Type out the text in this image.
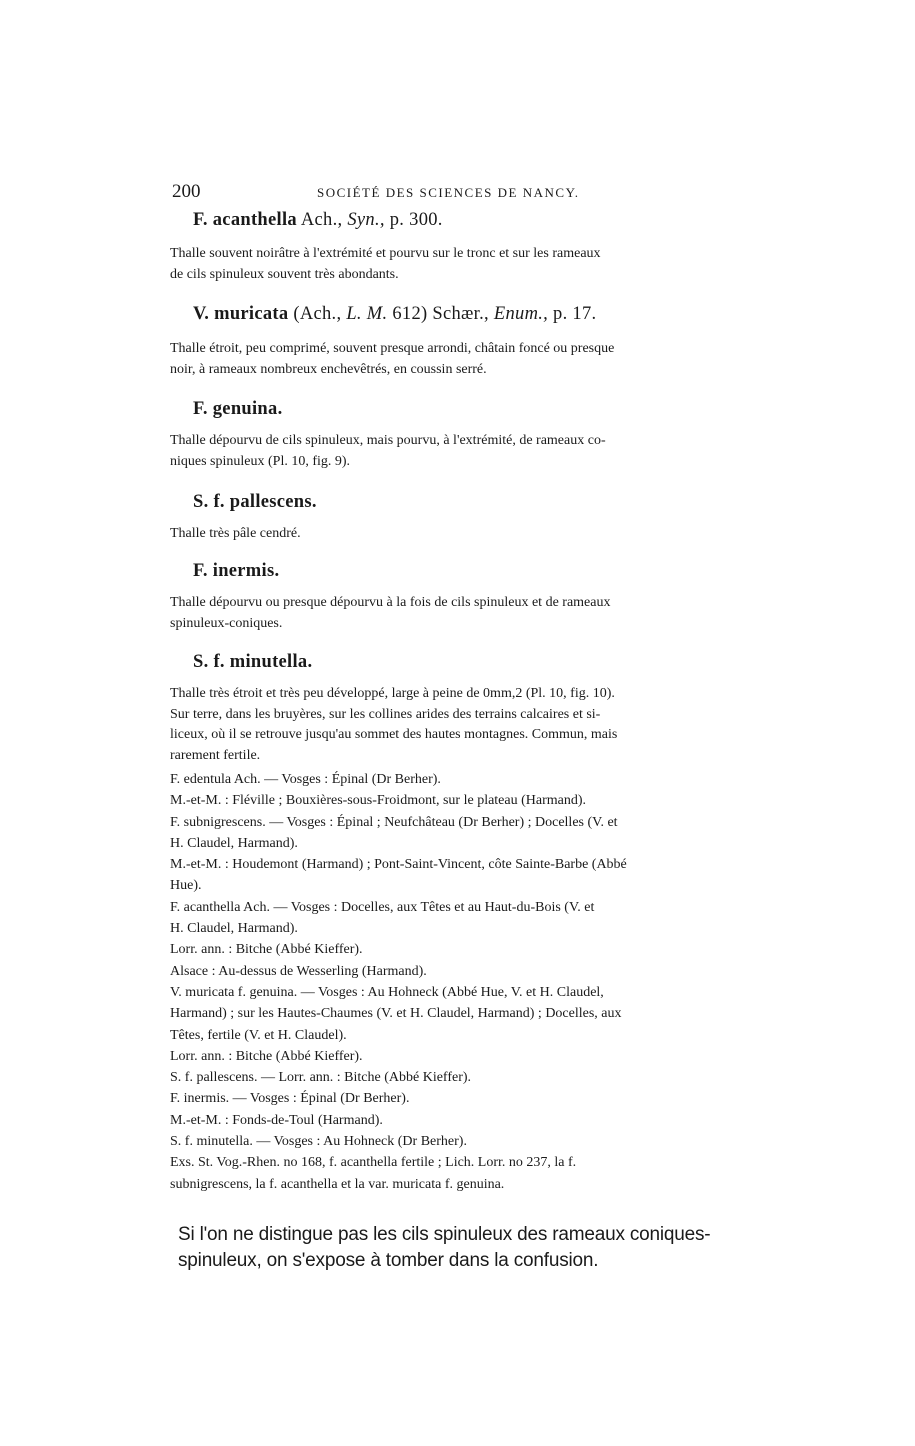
200	SOCIÉTÉ DES SCIENCES DE NANCY.
F. acanthella Ach., Syn., p. 300.
Thalle souvent noirâtre à l'extrémité et pourvu sur le tronc et sur les rameaux
de cils spinuleux souvent très abondants.
V. muricata (Ach., L. M. 612) Schær., Enum., p. 17.
Thalle étroit, peu comprimé, souvent presque arrondi, châtain foncé ou presque
noir, à rameaux nombreux enchevêtrés, en coussin serré.
F. genuina.
Thalle dépourvu de cils spinuleux, mais pourvu, à l'extrémité, de rameaux co-
niques spinuleux (Pl. 10, fig. 9).
S. f. pallescens.
Thalle très pâle cendré.
F. inermis.
Thalle dépourvu ou presque dépourvu à la fois de cils spinuleux et de rameaux
spinuleux-coniques.
S. f. minutella.
Thalle très étroit et très peu développé, large à peine de 0mm,2 (Pl. 10, fig. 10).
Sur terre, dans les bruyères, sur les collines arides des terrains calcaires et si-
liceux, où il se retrouve jusqu'au sommet des hautes montagnes. Commun, mais
rarement fertile.
F. edentula Ach. — Vosges : Épinal (Dr Berher).
M.-et-M. : Fléville ; Bouxières-sous-Froidmont, sur le plateau (Harmand).
F. subnigrescens. — Vosges : Épinal ; Neufchâteau (Dr Berher) ; Docelles (V. et
H. Claudel, Harmand).
M.-et-M. : Houdemont (Harmand) ; Pont-Saint-Vincent, côte Sainte-Barbe (Abbé
Hue).
F. acanthella Ach. — Vosges : Docelles, aux Têtes et au Haut-du-Bois (V. et
H. Claudel, Harmand).
Lorr. ann. : Bitche (Abbé Kieffer).
Alsace : Au-dessus de Wesserling (Harmand).
V. muricata f. genuina. — Vosges : Au Hohneck (Abbé Hue, V. et H. Claudel,
Harmand) ; sur les Hautes-Chaumes (V. et H. Claudel, Harmand) ; Docelles, aux
Têtes, fertile (V. et H. Claudel).
Lorr. ann. : Bitche (Abbé Kieffer).
S. f. pallescens. — Lorr. ann. : Bitche (Abbé Kieffer).
F. inermis. — Vosges : Épinal (Dr Berher).
M.-et-M. : Fonds-de-Toul (Harmand).
S. f. minutella. — Vosges : Au Hohneck (Dr Berher).
Exs. St. Vog.-Rhen. no 168, f. acanthella fertile ; Lich. Lorr. no 237, la f.
subnigrescens, la f. acanthella et la var. muricata f. genuina.
Si l'on ne distingue pas les cils spinuleux des rameaux coniques-
spinuleux, on s'expose à tomber dans la confusion.
